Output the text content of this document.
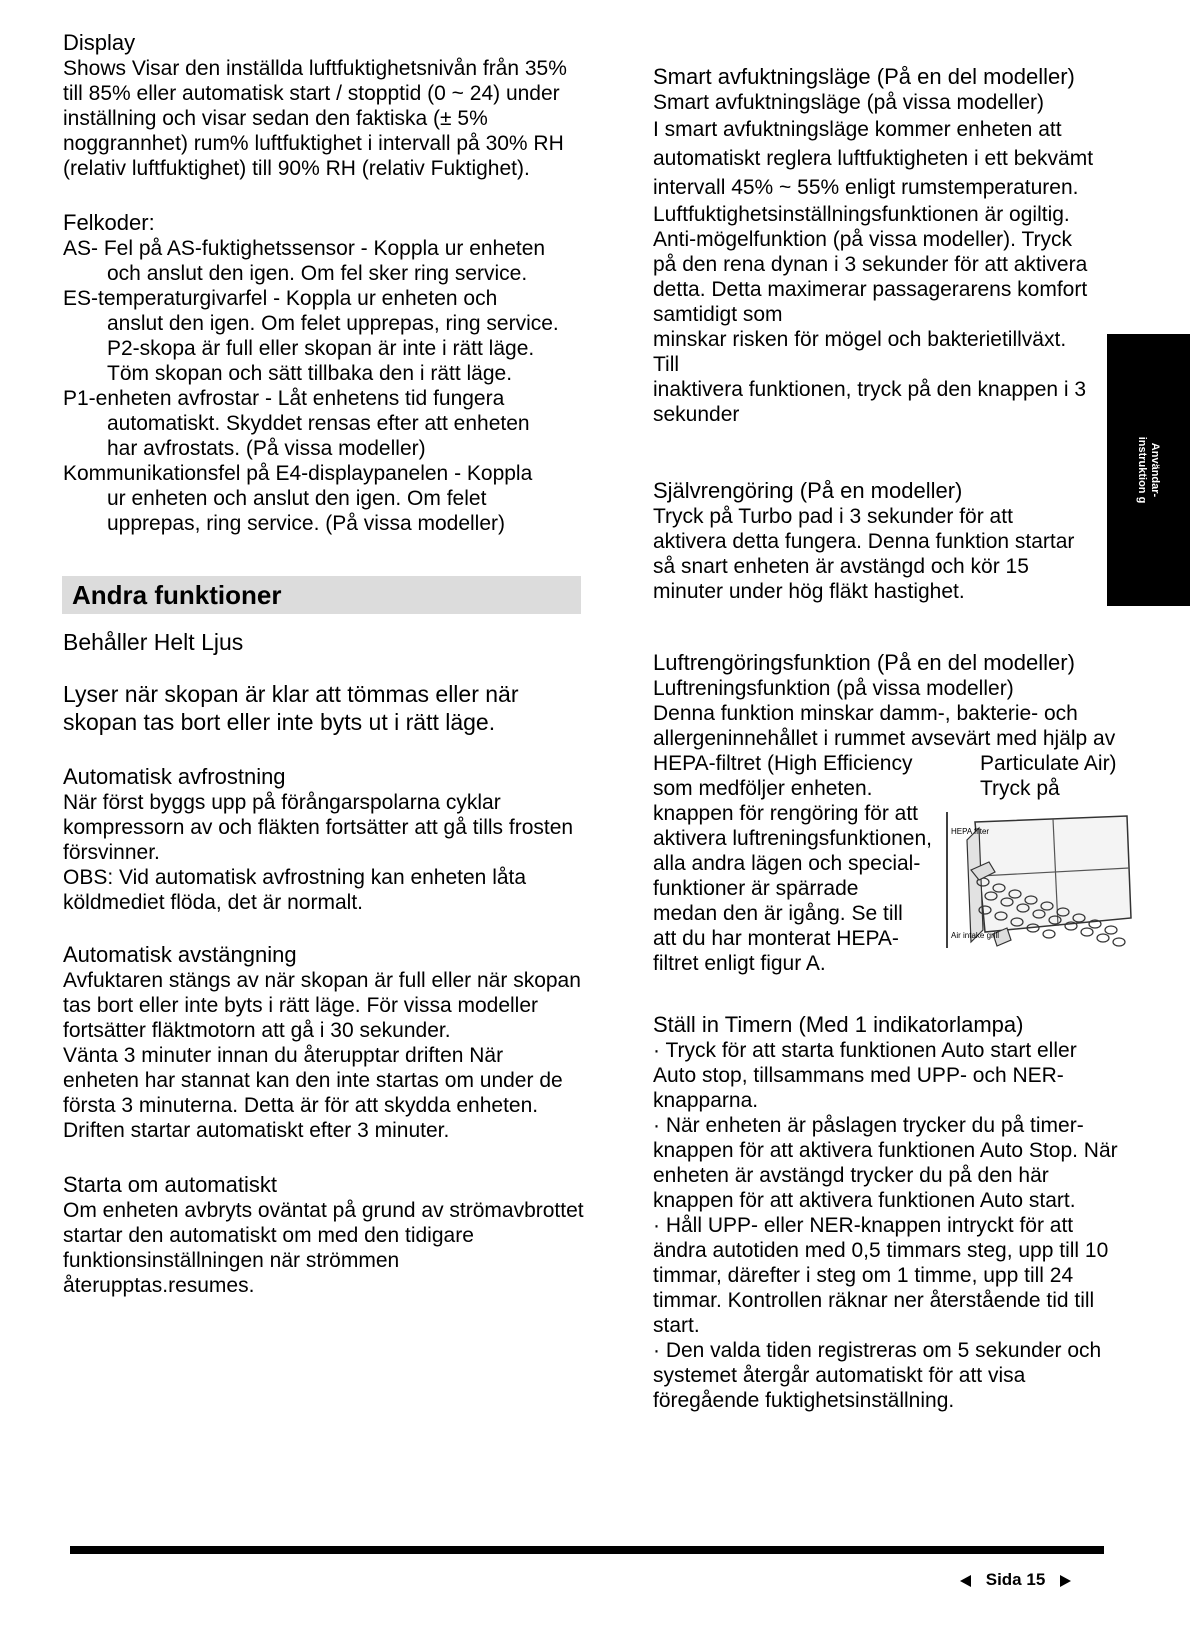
Display

Shows Visar den inställda luftfuktighetsnivån från 35%

till 85% eller automatisk start / stopptid (0 ~ 24) under

inställning och visar sedan den faktiska (± 5%

noggrannhet) rum% luftfuktighet i intervall på 30% RH

(relativ luftfuktighet) till 90% RH (relativ Fuktighet).

Felkoder:

AS- Fel på AS-fuktighetssensor - Koppla ur enheten

och anslut den igen. Om fel sker ring service.

ES-temperaturgivarfel - Koppla ur enheten och

anslut den igen. Om felet upprepas, ring service.

P2-skopa är full eller skopan är inte i rätt läge.

Töm skopan och sätt tillbaka den i rätt läge.

P1-enheten avfrostar - Låt enhetens tid fungera

automatiskt. Skyddet rensas efter att enheten

har avfrostats. (På vissa modeller)

Kommunikationsfel på E4-displaypanelen - Koppla

ur enheten och anslut den igen. Om felet

upprepas, ring service. (På vissa modeller)

Behåller Helt Ljus

Lyser när skopan är klar att tömmas eller när

skopan tas bort eller inte byts ut i rätt läge.

Automatisk avfrostning

När först byggs upp på förångarspolarna cyklar

kompressorn av och fläkten fortsätter att gå tills frosten

försvinner.

OBS: Vid automatisk avfrostning kan enheten låta

köldmediet flöda, det är normalt.

Automatisk avstängning

Avfuktaren stängs av när skopan är full eller när skopan

tas bort eller inte byts i rätt läge. För vissa modeller

fortsätter fläktmotorn att gå i 30 sekunder.

Vänta 3 minuter innan du återupptar driften När

enheten har stannat kan den inte startas om under de

första 3 minuterna. Detta är för att skydda enheten.

Driften startar automatiskt efter 3 minuter.

Starta om automatiskt

Om enheten avbryts oväntat på grund av strömavbrottet

startar den automatiskt om med den tidigare

funktionsinställningen när strömmen

återupptas.resumes.

Andra funktioner

Smart avfuktningsläge (På en del modeller)

Smart avfuktningsläge (på vissa modeller)

I smart avfuktningsläge kommer enheten att

automatiskt reglera luftfuktigheten i ett bekvämt

intervall 45% ~ 55% enligt rumstemperaturen.

Luftfuktighetsinställningsfunktionen är ogiltig.

Anti-mögelfunktion (på vissa modeller). Tryck

på den rena dynan i 3 sekunder för att aktivera

detta. Detta maximerar passagerarens komfort

samtidigt som

minskar risken för mögel och bakterietillväxt.

Till

inaktivera funktionen, tryck på den knappen i 3

sekunder

Självrengöring (På en modeller)

Tryck på Turbo pad i 3 sekunder för att

aktivera detta fungera. Denna funktion startar

så snart enheten är avstängd och kör 15

minuter under hög fläkt hastighet.

Luftrengöringsfunktion (På en del modeller)

Luftreningsfunktion (på vissa modeller)

Denna funktion minskar damm-, bakterie- och

allergeninnehållet i rummet avsevärt med hjälp av

HEPA-filtret (High Efficiency	Particulate Air)
som medföljer enheten.	Tryck på

knappen för rengöring för att

aktivera luftreningsfunktionen,

alla andra lägen och special-

funktioner är spärrade

medan den är igång. Se till

att du har monterat HEPA-

filtret enligt figur A.

Ställ in Timern (Med 1 indikatorlampa)

· Tryck för att starta funktionen Auto start eller

Auto stop, tillsammans med UPP- och NER-

knapparna.

· När enheten är påslagen trycker du på timer-

knappen för att aktivera funktionen Auto Stop. När

enheten är avstängd trycker du på den här

knappen för att aktivera funktionen Auto start.

· Håll UPP- eller NER-knappen intryckt för att

ändra autotiden med 0,5 timmars steg, upp till 10

timmar, därefter i steg om 1 timme, upp till 24

timmar. Kontrollen räknar ner återstående tid till

start.

· Den valda tiden registreras om 5 sekunder och

systemet återgår automatiskt för att visa

föregående fuktighetsinställning.

HEPA filter
Air intake grill
Användar-
instruktion g
Sida 15
